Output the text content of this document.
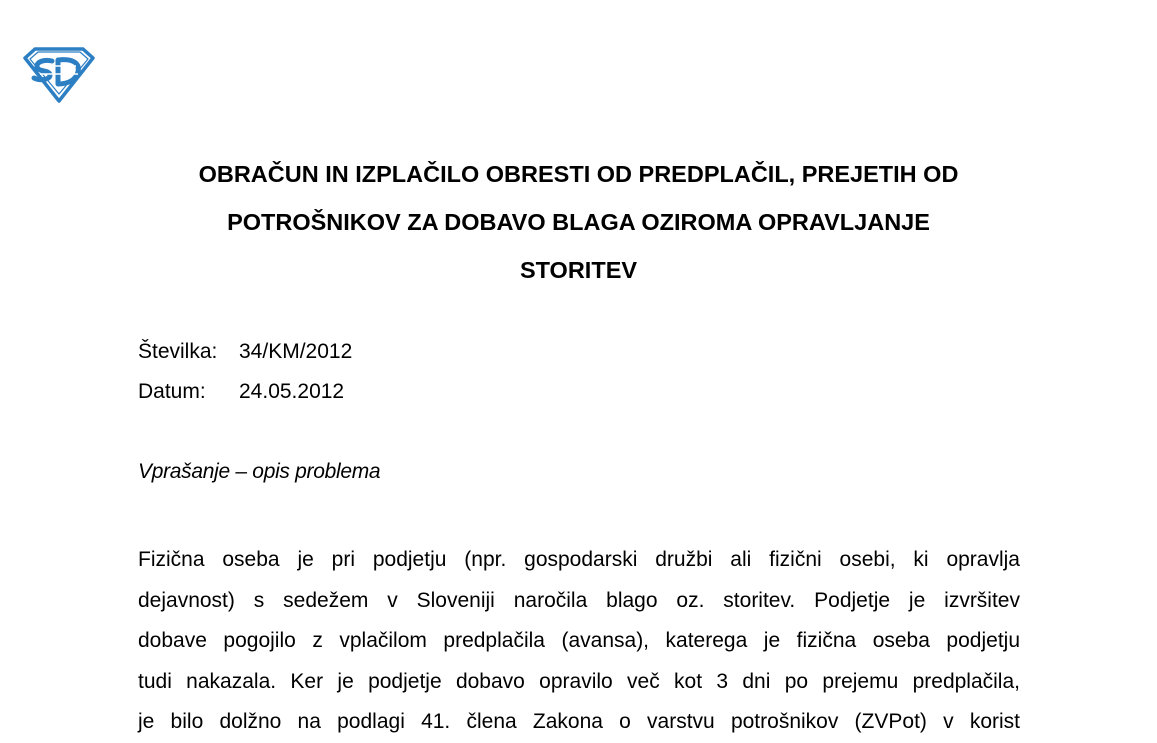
OBRAČUN IN IZPLAČILO OBRESTI OD PREDPLAČIL, PREJETIH OD
POTROŠNIKOV ZA DOBAVO BLAGA OZIROMA OPRAVLJANJE
STORITEV
Številka: 34/KM/2012
Datum: 24.05.2012
Vprašanje – opis problema
Fizična oseba je pri podjetju (npr. gospodarski družbi ali fizični osebi, ki opravlja
dejavnost) s sedežem v Sloveniji naročila blago oz. storitev. Podjetje je izvršitev
dobave pogojilo z vplačilom predplačila (avansa), katerega je fizična oseba podjetju
tudi nakazala. Ker je podjetje dobavo opravilo več kot 3 dni po prejemu predplačila,
je bilo dolžno na podlagi 41. člena Zakona o varstvu potrošnikov (ZVPot) v korist
